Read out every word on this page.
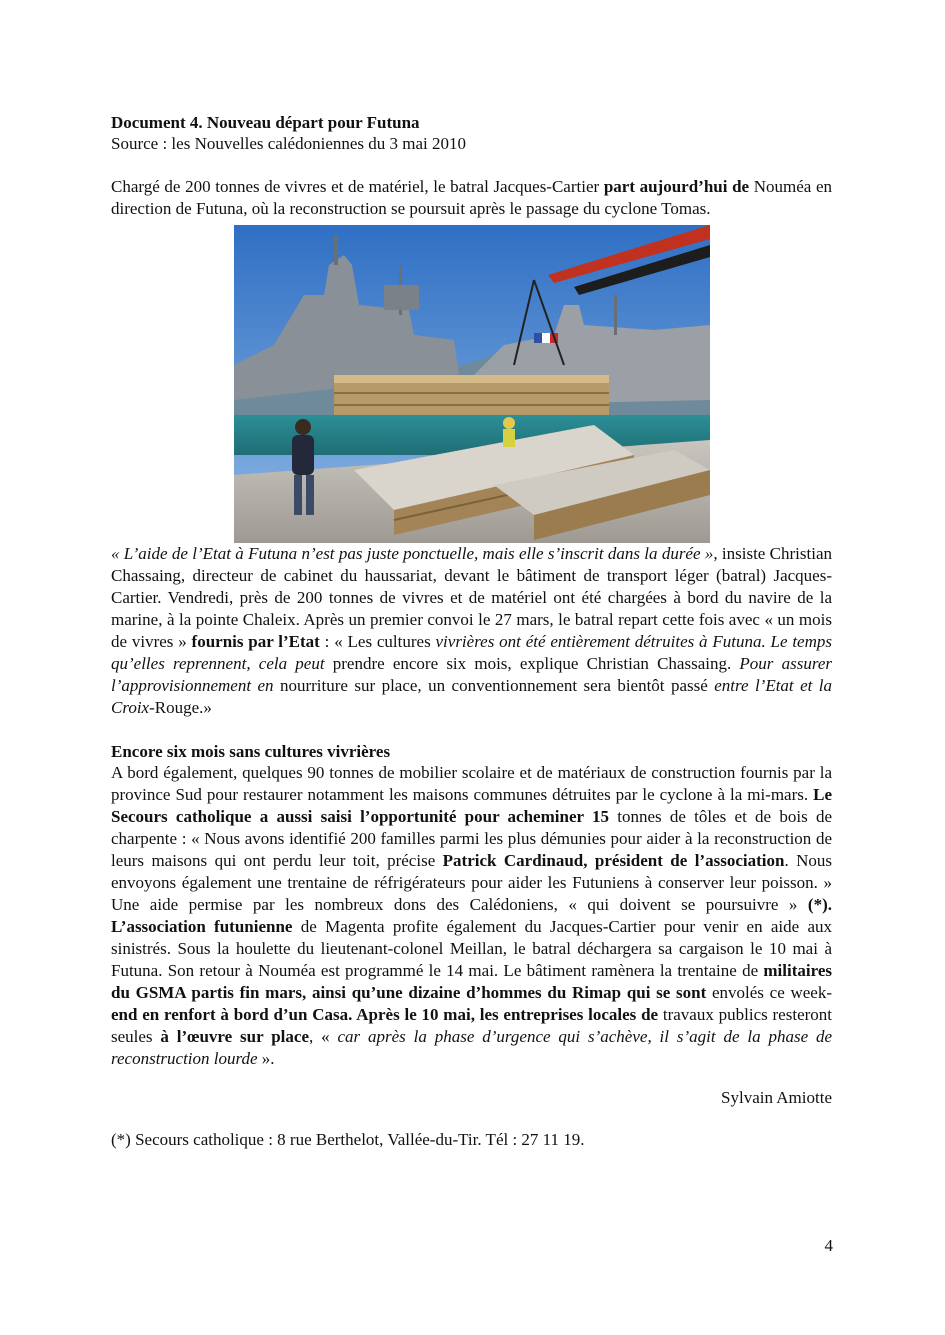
Document 4. Nouveau départ pour Futuna
Source : les Nouvelles calédoniennes du 3 mai 2010

Chargé de 200 tonnes de vivres et de matériel, le batral Jacques-Cartier part aujourd’hui de Nouméa en direction de Futuna, où la reconstruction se poursuit après le passage du cyclone Tomas.

« L’aide de l’Etat à Futuna n’est pas juste ponctuelle, mais elle s’inscrit dans la durée », insiste Christian Chassaing, directeur de cabinet du haussariat, devant le bâtiment de transport léger (batral) Jacques-Cartier. Vendredi, près de 200 tonnes de vivres et de matériel ont été chargées à bord du navire de la marine, à la pointe Chaleix. Après un premier convoi le 27 mars, le batral repart cette fois avec « un mois de vivres » fournis par l’Etat : « Les cultures vivrières ont été entièrement détruites à Futuna. Le temps qu’elles reprennent, cela peut prendre encore six mois, explique Christian Chassaing. Pour assurer l’approvisionnement en nourriture sur place, un conventionnement sera bientôt passé entre l’Etat et la Croix-Rouge.»

Encore six mois sans cultures vivrières

A bord également, quelques 90 tonnes de mobilier scolaire et de matériaux de construction fournis par la province Sud pour restaurer notamment les maisons communes détruites par le cyclone à la mi-mars. Le Secours catholique a aussi saisi l’opportunité pour acheminer 15 tonnes de tôles et de bois de charpente : « Nous avons identifié 200 familles parmi les plus démunies pour aider à la reconstruction de leurs maisons qui ont perdu leur toit, précise Patrick Cardinaud, président de l’association. Nous envoyons également une trentaine de réfrigérateurs pour aider les Futuniens à conserver leur poisson. » Une aide permise par les nombreux dons des Calédoniens, « qui doivent se poursuivre » (*). L’association futunienne de Magenta profite également du Jacques-Cartier pour venir en aide aux sinistrés. Sous la houlette du lieutenant-colonel Meillan, le batral déchargera sa cargaison le 10 mai à Futuna. Son retour à Nouméa est programmé le 14 mai. Le bâtiment ramènera la trentaine de militaires du GSMA partis fin mars, ainsi qu’une dizaine d’hommes du Rimap qui se sont envolés ce week-end en renfort à bord d’un Casa. Après le 10 mai, les entreprises locales de travaux publics resteront seules à l’œuvre sur place, « car après la phase d’urgence qui s’achève, il s’agit de la phase de reconstruction lourde ».

Sylvain Amiotte
(*) Secours catholique : 8 rue Berthelot, Vallée-du-Tir. Tél : 27 11 19.
4
